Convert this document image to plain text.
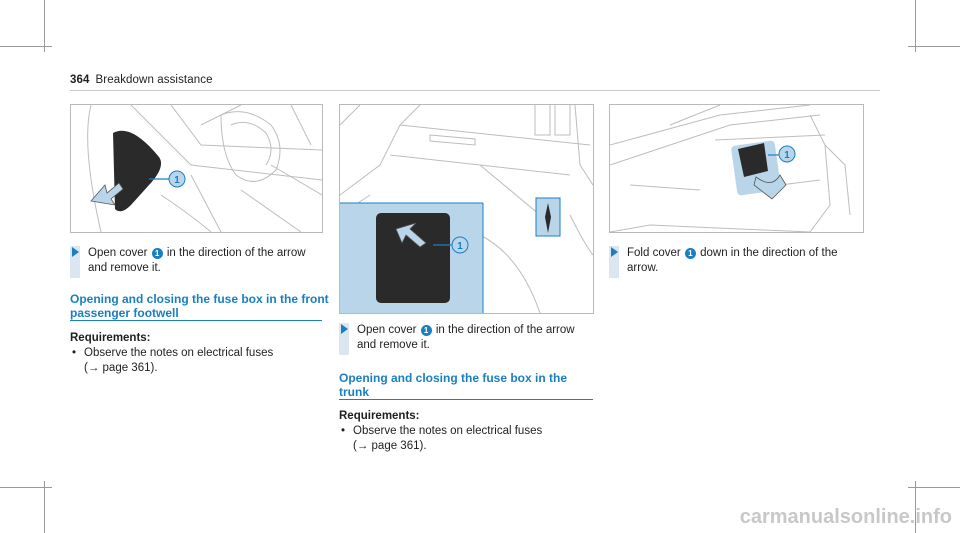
364 Breakdown assistance
1
1
1
Open cover 1 in the direction of the arrow
and remove it.
Opening and closing the fuse box in the front
passenger footwell
Requirements:
• Observe the notes on electrical fuses
(→ page 361).
Open cover 1 in the direction of the arrow
and remove it.
Opening and closing the fuse box in the
trunk
Requirements:
• Observe the notes on electrical fuses
(→ page 361).
Fold cover 1 down in the direction of the
arrow.
carmanualsonline.info
